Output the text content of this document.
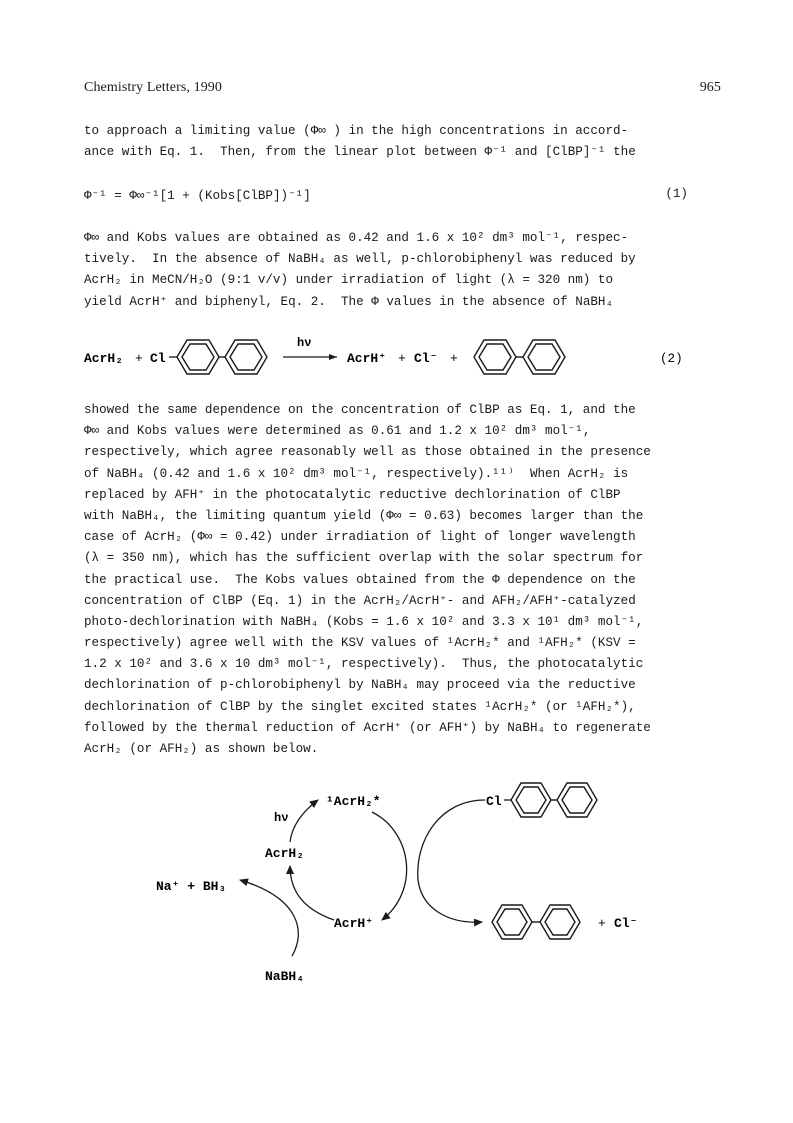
Chemistry Letters, 1990	965
to approach a limiting value (Φ∞ ) in the high concentrations in accord-
ance with Eq. 1.  Then, from the linear plot between Φ⁻¹ and [ClBP]⁻¹ the
Φ⁻¹ = Φ∞⁻¹[1 + (Kobs[ClBP])⁻¹]	(1)
Φ∞ and Kobs values are obtained as 0.42 and 1.6 x 10² dm³ mol⁻¹, respec-
tively.  In the absence of NaBH₄ as well, p-chlorobiphenyl was reduced by
AcrH₂ in MeCN/H₂O (9:1 v/v) under irradiation of light (λ = 320 nm) to
yield AcrH⁺ and biphenyl, Eq. 2.  The Φ values in the absence of NaBH₄
AcrH₂ + Cl
hν
AcrH⁺ + Cl⁻ +	(2)
showed the same dependence on the concentration of ClBP as Eq. 1, and the
Φ∞ and Kobs values were determined as 0.61 and 1.2 x 10² dm³ mol⁻¹,
respectively, which agree reasonably well as those obtained in the presence
of NaBH₄ (0.42 and 1.6 x 10² dm³ mol⁻¹, respectively).¹¹⁾  When AcrH₂ is
replaced by AFH⁺ in the photocatalytic reductive dechlorination of ClBP
with NaBH₄, the limiting quantum yield (Φ∞ = 0.63) becomes larger than the
case of AcrH₂ (Φ∞ = 0.42) under irradiation of light of longer wavelength
(λ = 350 nm), which has the sufficient overlap with the solar spectrum for
the practical use.  The Kobs values obtained from the Φ dependence on the
concentration of ClBP (Eq. 1) in the AcrH₂/AcrH⁺- and AFH₂/AFH⁺-catalyzed
photo-dechlorination with NaBH₄ (Kobs = 1.6 x 10² and 3.3 x 10¹ dm³ mol⁻¹,
respectively) agree well with the KSV values of ¹AcrH₂* and ¹AFH₂* (KSV =
1.2 x 10² and 3.6 x 10 dm³ mol⁻¹, respectively).  Thus, the photocatalytic
dechlorination of p-chlorobiphenyl by NaBH₄ may proceed via the reductive
dechlorination of ClBP by the singlet excited states ¹AcrH₂* (or ¹AFH₂*),
followed by the thermal reduction of AcrH⁺ (or AFH⁺) by NaBH₄ to regenerate
AcrH₂ (or AFH₂) as shown below.
¹AcrH₂*
hν
AcrH₂
AcrH⁺
Na⁺ + BH₃
NaBH₄
Cl
+ Cl⁻
